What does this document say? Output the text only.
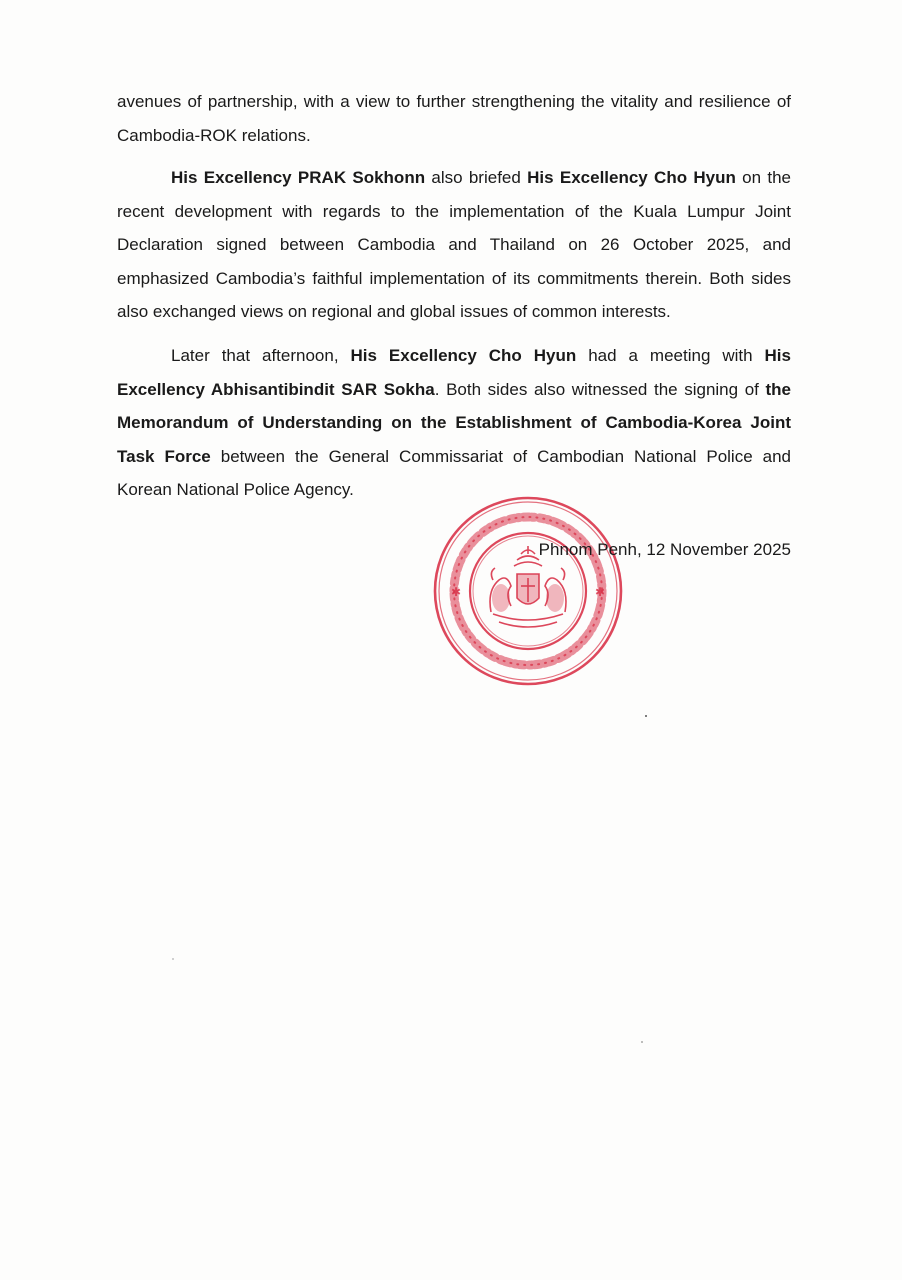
avenues of partnership, with a view to further strengthening the vitality and resilience of Cambodia-ROK relations.

His Excellency PRAK Sokhonn also briefed His Excellency Cho Hyun on the recent development with regards to the implementation of the Kuala Lumpur Joint Declaration signed between Cambodia and Thailand on 26 October 2025, and emphasized Cambodia’s faithful implementation of its commitments therein. Both sides also exchanged views on regional and global issues of common interests.

Later that afternoon, His Excellency Cho Hyun had a meeting with His Excellency Abhisantibindit SAR Sokha. Both sides also witnessed the signing of the Memorandum of Understanding on the Establishment of Cambodia-Korea Joint Task Force between the General Commissariat of Cambodian National Police and Korean National Police Agency.

✱	✱
Phnom Penh, 12 November 2025
